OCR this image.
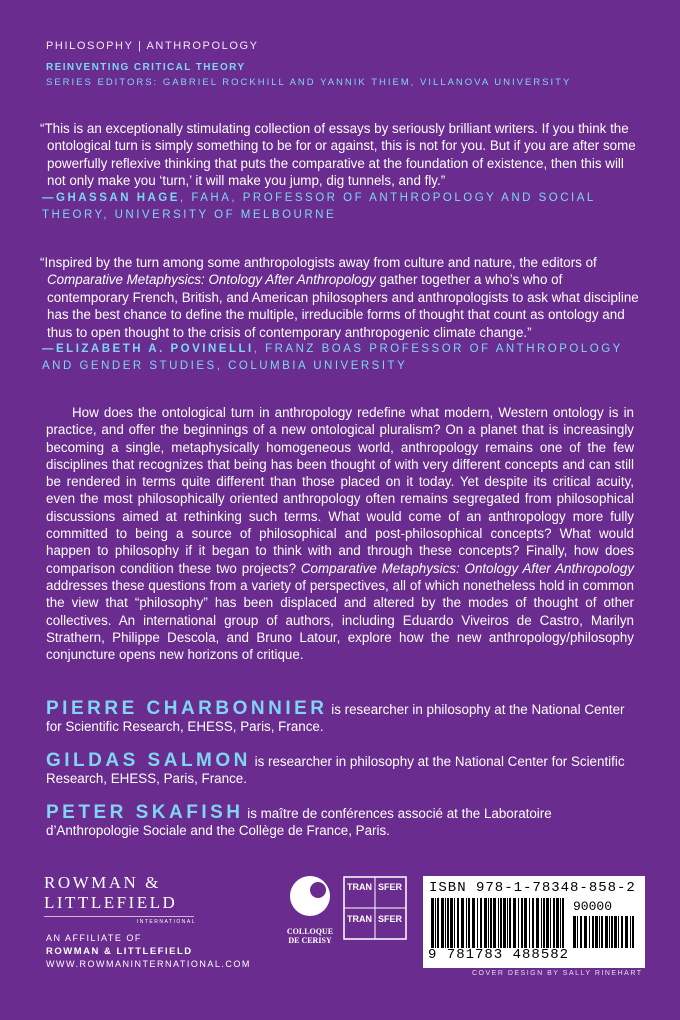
PHILOSOPHY | ANTHROPOLOGY
REINVENTING CRITICAL THEORY
SERIES EDITORS: GABRIEL ROCKHILL AND YANNIK THIEM, VILLANOVA UNIVERSITY

“This is an exceptionally stimulating collection of essays by seriously brilliant writers. If you think the ontological turn is simply something to be for or against, this is not for you. But if you are after some powerfully reflexive thinking that puts the comparative at the foundation of existence, then this will not only make you ‘turn,’ it will make you jump, dig tunnels, and fly.”

—GHASSAN HAGE, FAHA, PROFESSOR OF ANTHROPOLOGY AND SOCIAL THEORY, UNIVERSITY OF MELBOURNE

“Inspired by the turn among some anthropologists away from culture and nature, the editors of Comparative Metaphysics: Ontology After Anthropology gather together a who’s who of contemporary French, British, and American philosophers and anthropologists to ask what discipline has the best chance to define the multiple, irreducible forms of thought that count as ontology and thus to open thought to the crisis of contemporary anthropogenic climate change.”

—ELIZABETH A. POVINELLI, FRANZ BOAS PROFESSOR OF ANTHROPOLOGY AND GENDER STUDIES, COLUMBIA UNIVERSITY

How does the ontological turn in anthropology redefine what modern, Western ontology is in practice, and offer the beginnings of a new ontological pluralism? On a planet that is increasingly becoming a single, metaphysically homogeneous world, anthropology remains one of the few disciplines that recognizes that being has been thought of with very different concepts and can still be rendered in terms quite different than those placed on it today. Yet despite its critical acuity, even the most philosophically oriented anthropology often remains segregated from philosophical discussions aimed at rethinking such terms. What would come of an anthropology more fully committed to being a source of philosophical and post-philosophical concepts? What would happen to philosophy if it began to think with and through these concepts? Finally, how does comparison condition these two projects? Comparative Metaphysics: Ontology After Anthropology addresses these questions from a variety of perspectives, all of which nonetheless hold in common the view that “philosophy” has been displaced and altered by the modes of thought of other collectives. An international group of authors, including Eduardo Viveiros de Castro, Marilyn Strathern, Philippe Descola, and Bruno Latour, explore how the new anthropology/philosophy conjuncture opens new horizons of critique.

PIERRE CHARBONNIER is researcher in philosophy at the National Center for Scientific Research, EHESS, Paris, France.
GILDAS SALMON is researcher in philosophy at the National Center for Scientific Research, EHESS, Paris, France.
PETER SKAFISH is maître de conférences associé at the Laboratoire d’Anthropologie Sociale and the Collège de France, Paris.
ROWMAN &
LITTLEFIELD
INTERNATIONAL
AN AFFILIATE OF
ROWMAN & LITTLEFIELD
WWW.ROWMANINTERNATIONAL.COM
COLLOQUE
DE CERISY
TRAN SFER
TRAN SFER
ISBN 978-1-78348-858-2
90000
9 781783 488582
COVER DESIGN BY SALLY RINEHART
